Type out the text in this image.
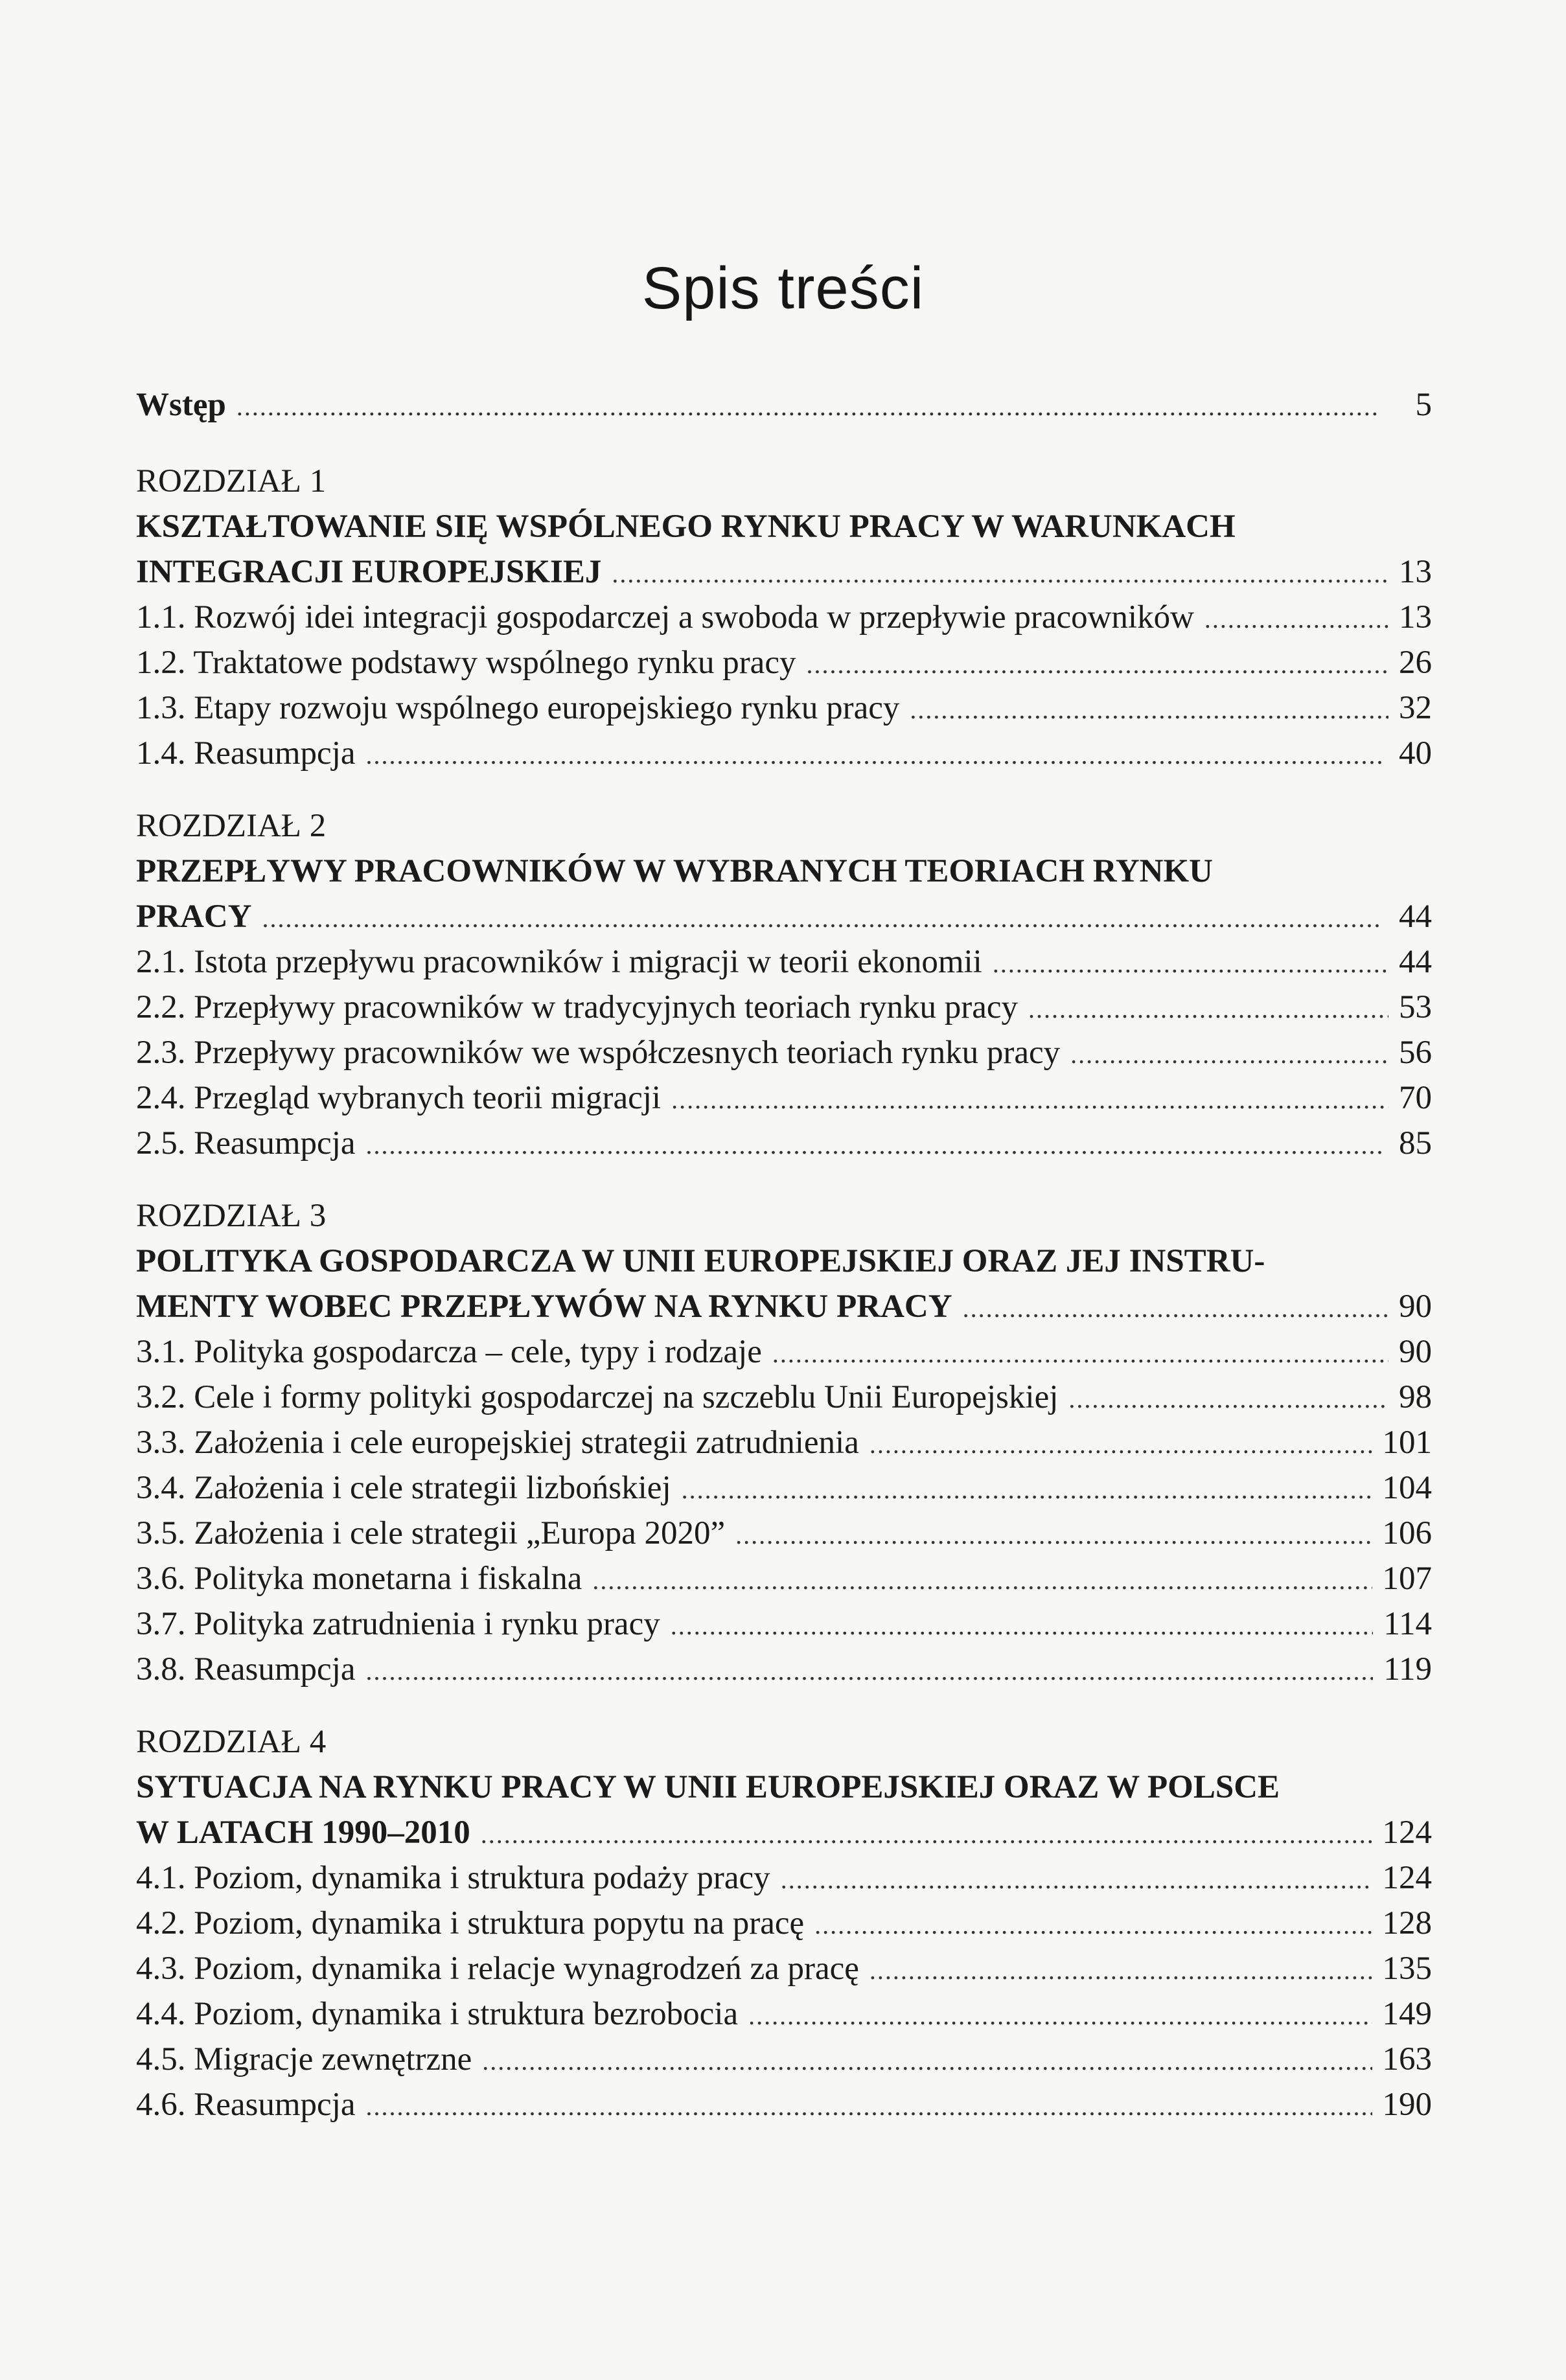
Spis treści
Wstęp .....	5
ROZDZIAŁ 1
KSZTAŁTOWANIE SIĘ WSPÓLNEGO RYNKU PRACY W WARUNKACH
INTEGRACJI EUROPEJSKIEJ .....	13
1.1. Rozwój idei integracji gospodarczej a swoboda w przepływie pracowników .....	13
1.2. Traktatowe podstawy wspólnego rynku pracy .....	26
1.3. Etapy rozwoju wspólnego europejskiego rynku pracy .....	32
1.4. Reasumpcja .....	40
ROZDZIAŁ 2
PRZEPŁYWY PRACOWNIKÓW W WYBRANYCH TEORIACH RYNKU
PRACY .....	44
2.1. Istota przepływu pracowników i migracji w teorii ekonomii .....	44
2.2. Przepływy pracowników w tradycyjnych teoriach rynku pracy .....	53
2.3. Przepływy pracowników we współczesnych teoriach rynku pracy .....	56
2.4. Przegląd wybranych teorii migracji .....	70
2.5. Reasumpcja .....	85
ROZDZIAŁ 3
POLITYKA GOSPODARCZA W UNII EUROPEJSKIEJ ORAZ JEJ INSTRU-
MENTY WOBEC PRZEPŁYWÓW NA RYNKU PRACY .....	90
3.1. Polityka gospodarcza – cele, typy i rodzaje .....	90
3.2. Cele i formy polityki gospodarczej na szczeblu Unii Europejskiej .....	98
3.3. Założenia i cele europejskiej strategii zatrudnienia .....	101
3.4. Założenia i cele strategii lizbońskiej .....	104
3.5. Założenia i cele strategii „Europa 2020” .....	106
3.6. Polityka monetarna i fiskalna .....	107
3.7. Polityka zatrudnienia i rynku pracy .....	114
3.8. Reasumpcja .....	119
ROZDZIAŁ 4
SYTUACJA NA RYNKU PRACY W UNII EUROPEJSKIEJ ORAZ W POLSCE
W LATACH 1990–2010 .....	124
4.1. Poziom, dynamika i struktura podaży pracy .....	124
4.2. Poziom, dynamika i struktura popytu na pracę .....	128
4.3. Poziom, dynamika i relacje wynagrodzeń za pracę .....	135
4.4. Poziom, dynamika i struktura bezrobocia .....	149
4.5. Migracje zewnętrzne .....	163
4.6. Reasumpcja .....	190
